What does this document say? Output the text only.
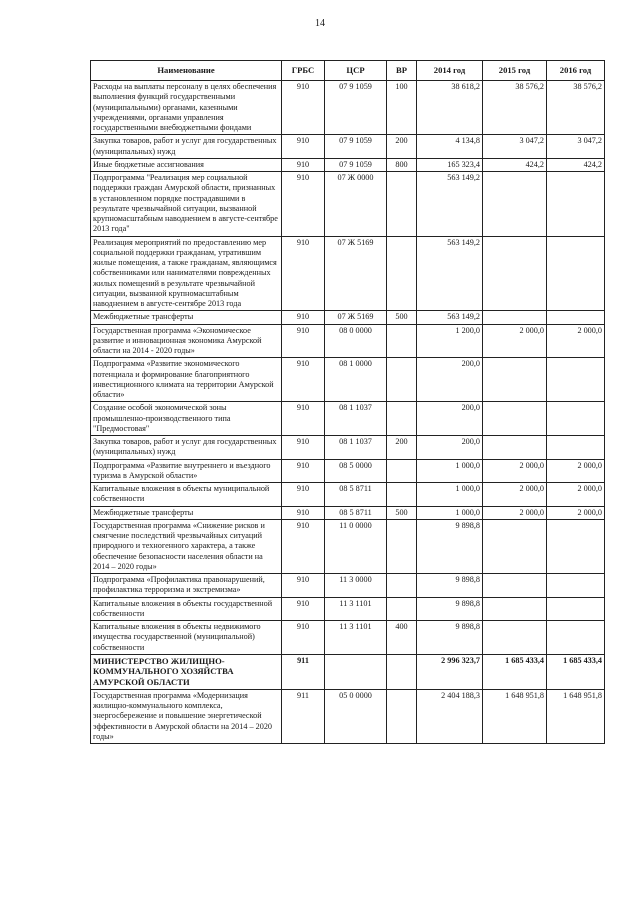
14
Наименование	ГРБС	ЦСР	ВР	2014 год	2015 год	2016 год
Расходы на выплаты персоналу в целях обеспечения выполнения функций государственными (муниципальными) органами, казенными учреждениями, органами управления государственными внебюджетными фондами	910	07 9 1059	100	38 618,2	38 576,2	38 576,2
Закупка товаров, работ и услуг для государственных (муниципальных) нужд	910	07 9 1059	200	4 134,8	3 047,2	3 047,2
Иные бюджетные ассигнования	910	07 9 1059	800	165 323,4	424,2	424,2
Подпрограмма "Реализация мер социальной поддержки граждан Амурской области, признанных в установленном порядке пострадавшими в результате чрезвычайной ситуации, вызванной крупномасштабным наводнением в августе-сентябре 2013 года"	910	07 Ж 0000		563 149,2		
Реализация мероприятий по предоставлению мер социальной поддержки гражданам, утратившим жилые помещения, а также гражданам, являющимся собственниками или нанимателями поврежденных жилых помещений в результате чрезвычайной ситуации, вызванной крупномасштабным наводнением в августе-сентябре 2013 года	910	07 Ж 5169		563 149,2		
Межбюджетные трансферты	910	07 Ж 5169	500	563 149,2		
Государственная программа «Экономическое развитие и инновационная экономика Амурской области на 2014 - 2020 годы»	910	08 0 0000		1 200,0	2 000,0	2 000,0
Подпрограмма «Развитие экономического потенциала и формирование благоприятного инвестиционного климата на территории Амурской области»	910	08 1 0000		200,0		
Создание особой экономической зоны промышленно-производственного типа "Предмостовая"	910	08 1 1037		200,0		
Закупка товаров, работ и услуг для государственных (муниципальных) нужд	910	08 1 1037	200	200,0		
Подпрограмма «Развитие внутреннего и въездного туризма в Амурской области»	910	08 5 0000		1 000,0	2 000,0	2 000,0
Капитальные вложения в объекты муниципальной собственности	910	08 5 8711		1 000,0	2 000,0	2 000,0
Межбюджетные трансферты	910	08 5 8711	500	1 000,0	2 000,0	2 000,0
Государственная программа «Снижение рисков и смягчение последствий чрезвычайных ситуаций природного и техногенного характера, а также обеспечение безопасности населения области на 2014 – 2020 годы»	910	11 0 0000		9 898,8		
Подпрограмма «Профилактика правонарушений, профилактика терроризма и экстремизма»	910	11 3 0000		9 898,8		
Капитальные вложения в объекты государственной собственности	910	11 3 1101		9 898,8		
Капитальные вложения в объекты недвижимого имущества государственной (муниципальной) собственности	910	11 3 1101	400	9 898,8		
МИНИСТЕРСТВО ЖИЛИЩНО-КОММУНАЛЬНОГО ХОЗЯЙСТВА АМУРСКОЙ ОБЛАСТИ	911			2 996 323,7	1 685 433,4	1 685 433,4
Государственная программа «Модернизация жилищно-коммунального комплекса, энергосбережение и повышение энергетической эффективности в Амурской области на 2014 – 2020 годы»	911	05 0 0000		2 404 188,3	1 648 951,8	1 648 951,8
